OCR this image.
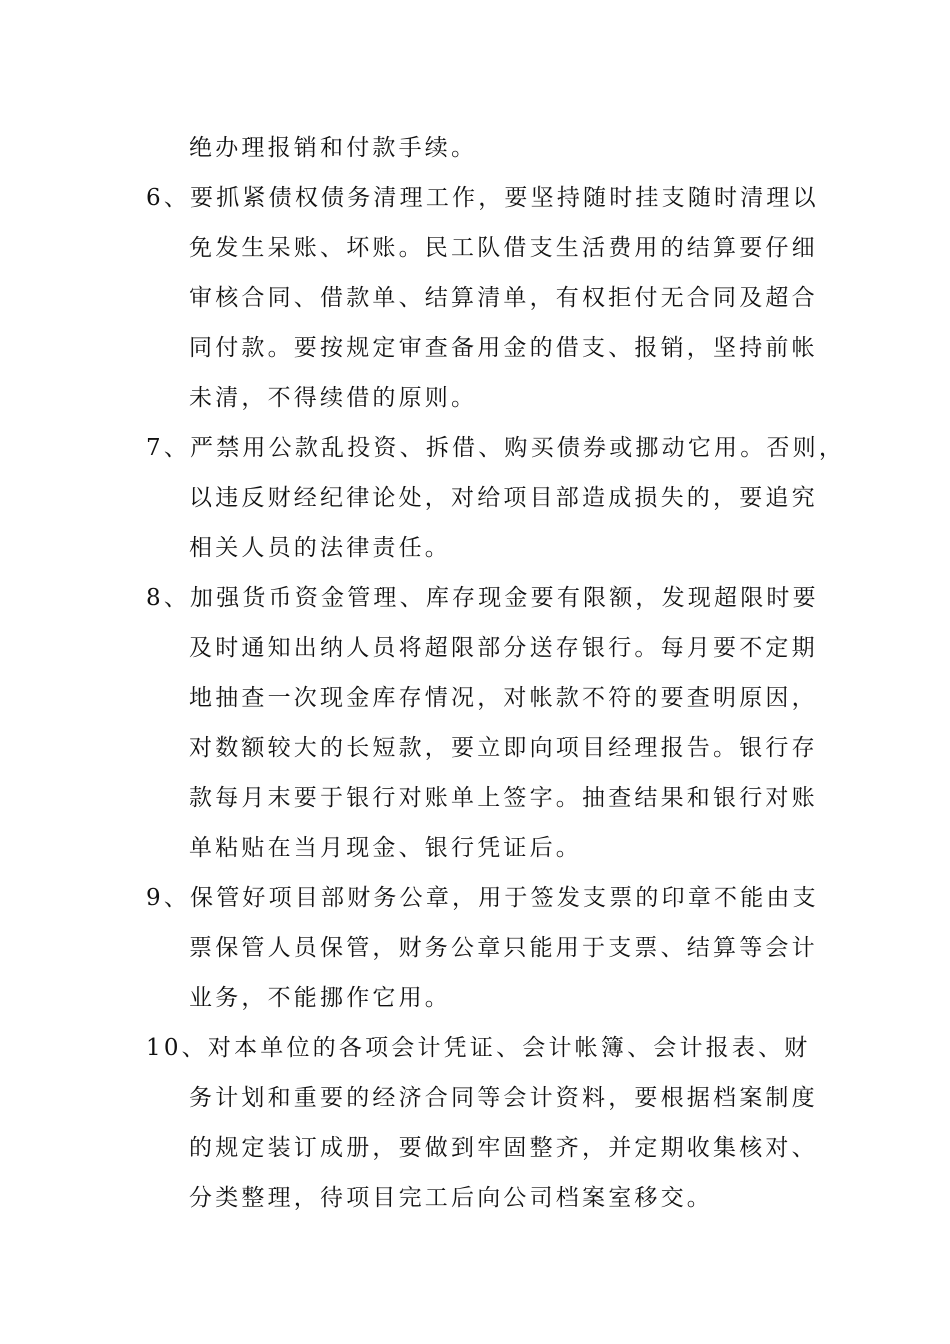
绝办理报销和付款手续。
6、要抓紧债权债务清理工作，要坚持随时挂支随时清理以
免发生呆账、坏账。民工队借支生活费用的结算要仔细
审核合同、借款单、结算清单，有权拒付无合同及超合
同付款。要按规定审查备用金的借支、报销，坚持前帐
未清，不得续借的原则。
7、严禁用公款乱投资、拆借、购买债券或挪动它用。否则，
以违反财经纪律论处，对给项目部造成损失的，要追究
相关人员的法律责任。
8、加强货币资金管理、库存现金要有限额，发现超限时要
及时通知出纳人员将超限部分送存银行。每月要不定期
地抽查一次现金库存情况，对帐款不符的要查明原因，
对数额较大的长短款，要立即向项目经理报告。银行存
款每月末要于银行对账单上签字。抽查结果和银行对账
单粘贴在当月现金、银行凭证后。
9、保管好项目部财务公章，用于签发支票的印章不能由支
票保管人员保管，财务公章只能用于支票、结算等会计
业务，不能挪作它用。
10、对本单位的各项会计凭证、会计帐簿、会计报表、财
务计划和重要的经济合同等会计资料，要根据档案制度
的规定装订成册，要做到牢固整齐，并定期收集核对、
分类整理，待项目完工后向公司档案室移交。
